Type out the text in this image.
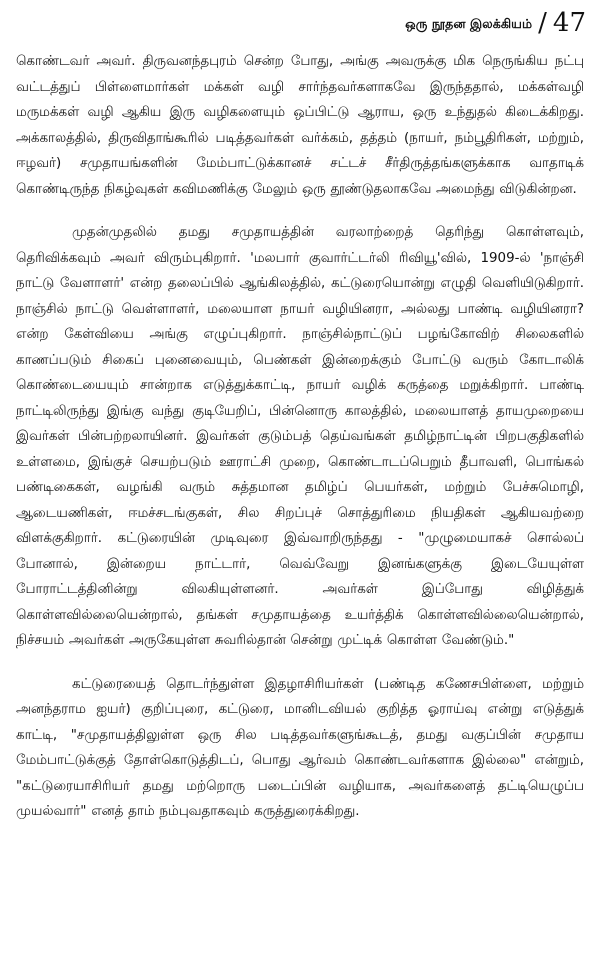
ஒரு நூதன இலக்கியம் / 47

கொண்டவர் அவர். திருவனந்தபுரம் சென்ற போது, அங்கு அவருக்கு மிக நெருங்கிய நட்பு வட்டத்துப் பிள்ளைமார்கள் மக்கள் வழி சார்ந்தவர்களாகவே இருந்ததால், மக்கள்வழி மருமக்கள் வழி ஆகிய இரு வழிகளையும் ஒப்பிட்டு ஆராய, ஒரு உந்துதல் கிடைக்கிறது. அக்காலத்தில், திருவிதாங்கூரில் படித்தவர்கள் வர்க்கம், தத்தம் (நாயர், நம்பூதிரிகள், மற்றும், ஈழவர்) சமுதாயங்களின் மேம்பாட்டுக்கானச் சட்டச் சீர்திருத்தங்களுக்காக வாதாடிக் கொண்டிருந்த நிகழ்வுகள் கவிமணிக்கு மேலும் ஒரு தூண்டுதலாகவே அமைந்து விடுகின்றன.

முதன்முதலில் தமது சமுதாயத்தின் வரலாற்றைத் தெரிந்து கொள்ளவும், தெரிவிக்கவும் அவர் விரும்புகிறார். 'மலபார் குவார்ட்டர்லி ரிவியூ'வில், 1909-ல் 'நாஞ்சி நாட்டு வேளாளர்' என்ற தலைப்பில் ஆங்கிலத்தில், கட்டுரையொன்று எழுதி வெளியிடுகிறார். நாஞ்சில் நாட்டு வெள்ளாளர், மலையாள நாயர் வழியினரா, அல்லது பாண்டி வழியினரா? என்ற கேள்வியை அங்கு எழுப்புகிறார். நாஞ்சில்நாட்டுப் பழங்கோவிற் சிலைகளில் காணப்படும் சிகைப் புனைவையும், பெண்கள் இன்றைக்கும் போட்டு வரும் கோடாலிக் கொண்டையையும் சான்றாக எடுத்துக்காட்டி, நாயர் வழிக் கருத்தை மறுக்கிறார். பாண்டி நாட்டிலிருந்து இங்கு வந்து குடியேறிப், பின்னொரு காலத்தில், மலையாளத் தாயமுறையை இவர்கள் பின்பற்றலாயினர். இவர்கள் குடும்பத் தெய்வங்கள் தமிழ்நாட்டின் பிறபகுதிகளில் உள்ளமை, இங்குச் செயற்படும் ஊராட்சி முறை, கொண்டாடப்பெறும் தீபாவளி, பொங்கல் பண்டிகைகள், வழங்கி வரும் சுத்தமான தமிழ்ப் பெயர்கள், மற்றும் பேச்சுமொழி, ஆடையணிகள், ஈமச்சடங்குகள், சில சிறப்புச் சொத்துரிமை நியதிகள் ஆகியவற்றை விளக்குகிறார். கட்டுரையின் முடிவுரை இவ்வாறிருந்தது - "முழுமையாகச் சொல்லப் போனால், இன்றைய நாட்டார், வெவ்வேறு இனங்களுக்கு இடையேயுள்ள போராட்டத்தினின்று விலகியுள்ளனர். அவர்கள் இப்போது விழித்துக் கொள்ளவில்லையென்றால், தங்கள் சமுதாயத்தை உயர்த்திக் கொள்ளவில்லையென்றால், நிச்சயம் அவர்கள் அருகேயுள்ள சுவரில்தான் சென்று முட்டிக் கொள்ள வேண்டும்."

கட்டுரையைத் தொடர்ந்துள்ள இதழாசிரியர்கள் (பண்டித கணேசபிள்ளை, மற்றும் அனந்தராம ஐயர்) குறிப்புரை, கட்டுரை, மானிடவியல் குறித்த ஓராய்வு என்று எடுத்துக் காட்டி, "சமுதாயத்திலுள்ள ஒரு சில படித்தவர்களுங்கூடத், தமது வகுப்பின் சமுதாய மேம்பாட்டுக்குத் தோள்கொடுத்திடப், பொது ஆர்வம் கொண்டவர்களாக இல்லை" என்றும், "கட்டுரையாசிரியர் தமது மற்றொரு படைப்பின் வழியாக, அவர்களைத் தட்டியெழுப்ப முயல்வார்" எனத் தாம் நம்புவதாகவும் கருத்துரைக்கிறது.
